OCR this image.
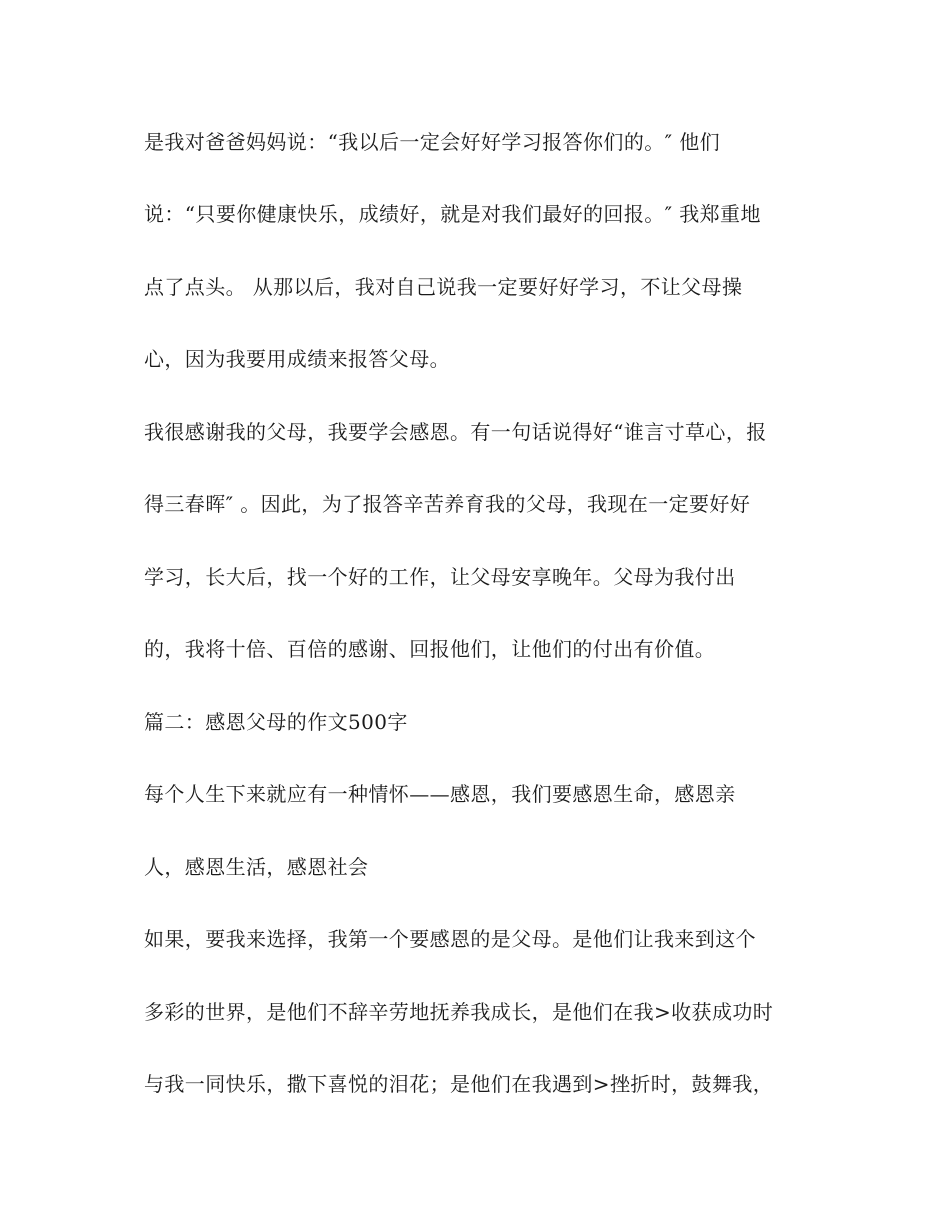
是我对爸爸妈妈说：“我以后一定会好好学习报答你们的。″ 他们
说：“只要你健康快乐，成绩好，就是对我们最好的回报。″ 我郑重地
点了点头。 从那以后，我对自己说我一定要好好学习，不让父母操
心，因为我要用成绩来报答父母。
我很感谢我的父母，我要学会感恩。有一句话说得好“谁言寸草心，报
得三春晖″ 。因此，为了报答辛苦养育我的父母，我现在一定要好好
学习，长大后，找一个好的工作，让父母安享晚年。父母为我付出
的，我将十倍、百倍的感谢、回报他们，让他们的付出有价值。
篇二：感恩父母的作文500字
每个人生下来就应有一种情怀——感恩，我们要感恩生命，感恩亲
人，感恩生活，感恩社会
如果，要我来选择，我第一个要感恩的是父母。是他们让我来到这个
多彩的世界，是他们不辞辛劳地抚养我成长，是他们在我>收获成功时
与我一同快乐，撒下喜悦的泪花；是他们在我遇到>挫折时，鼓舞我，
